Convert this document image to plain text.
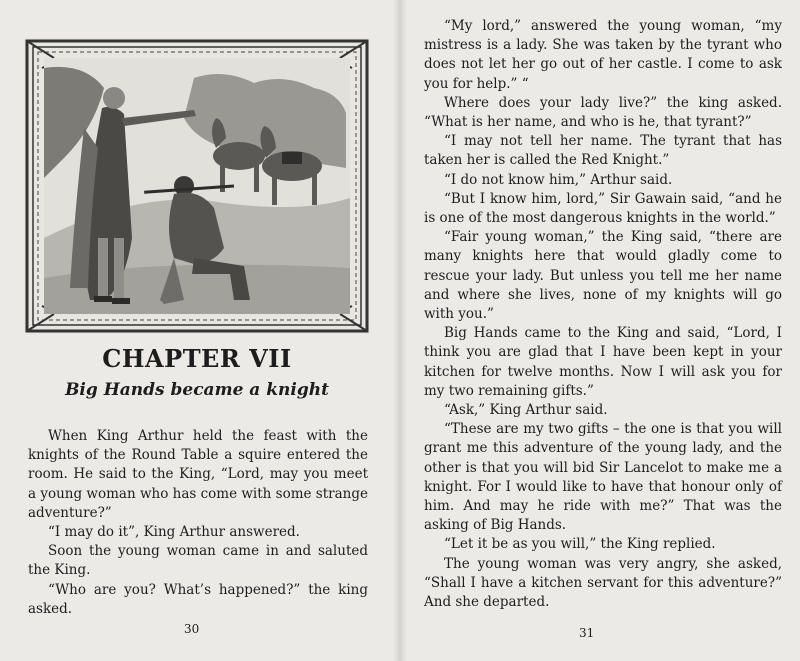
CHAPTER VII
Big Hands became a knight

When King Arthur held the feast with the knights of the Round Table a squire entered the room. He said to the King, “Lord, may you meet a young woman who has come with some strange adventure?”

“I may do it”, King Arthur answered.

Soon the young woman came in and saluted the King.

“Who are you? What’s happened?” the king asked.

30

“My lord,” answered the young woman, “my mistress is a lady. She was taken by the tyrant who does not let her go out of her castle. I come to ask you for help.” “

Where does your lady live?” the king asked. “What is her name, and who is he, that tyrant?”

“I may not tell her name. The tyrant that has taken her is called the Red Knight.”

“I do not know him,” Arthur said.

“But I know him, lord,” Sir Gawain said, “and he is one of the most dangerous knights in the world.”

“Fair young woman,” the King said, “there are many knights here that would gladly come to rescue your lady. But unless you tell me her name and where she lives, none of my knights will go with you.”

Big Hands came to the King and said, “Lord, I think you are glad that I have been kept in your kitchen for twelve months. Now I will ask you for my two remaining gifts.”

“Ask,” King Arthur said.

“These are my two gifts – the one is that you will grant me this adventure of the young lady, and the other is that you will bid Sir Lancelot to make me a knight. For I would like to have that honour only of him. And may he ride with me?” That was the asking of Big Hands.

“Let it be as you will,” the King replied.

The young woman was very angry, she asked, “Shall I have a kitchen servant for this adventure?” And she departed.

31
